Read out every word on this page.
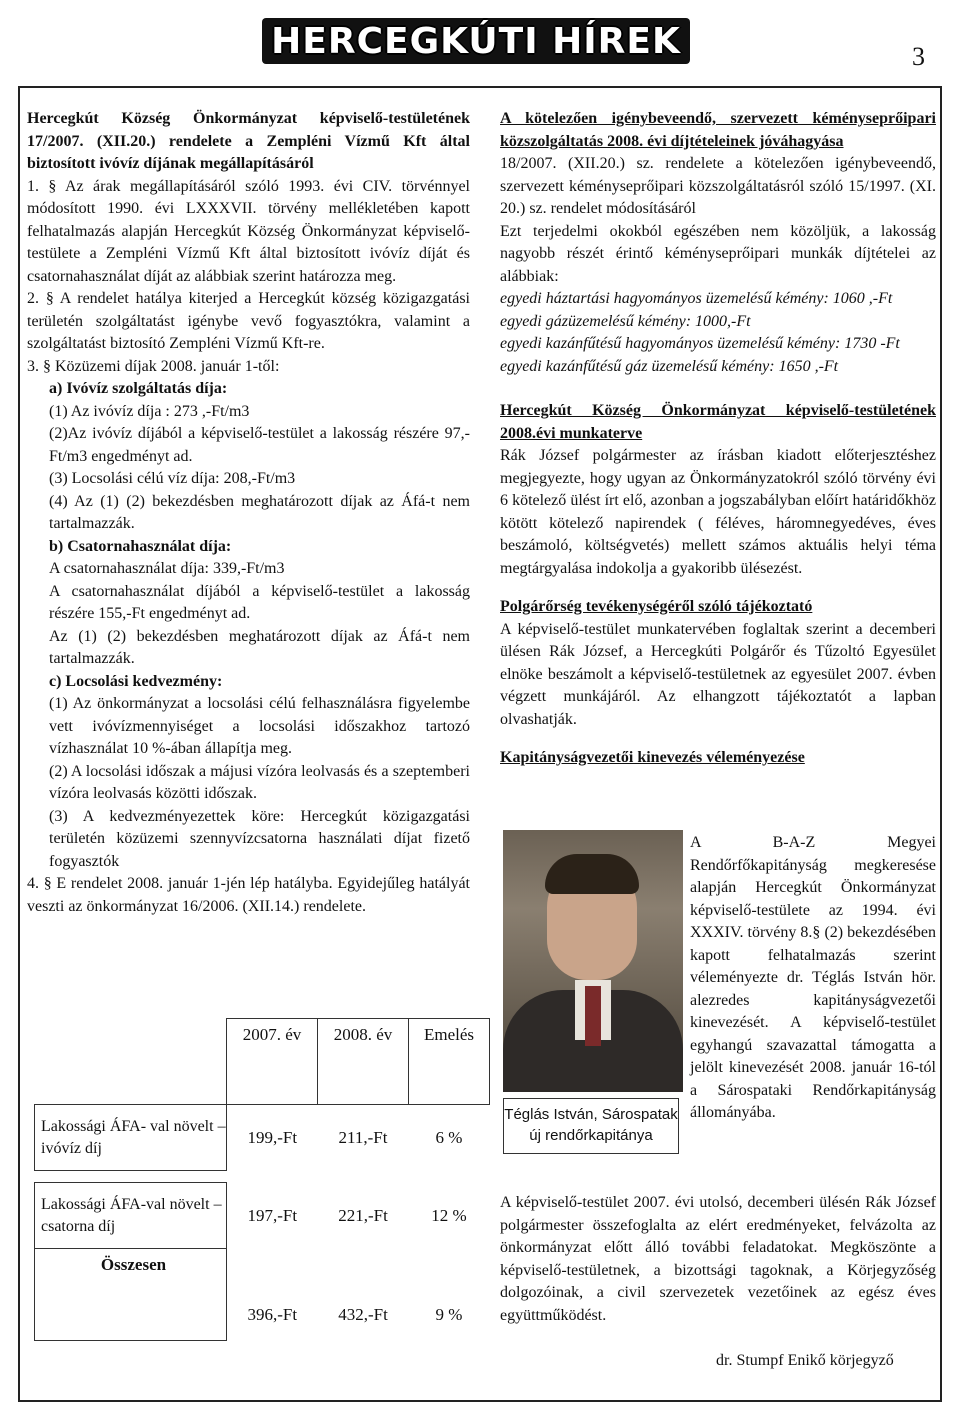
HERCEGKÚTI HÍREK	3

Hercegkút Község Önkormányzat képviselő-testületének 17/2007. (XII.20.) rendelete a Zempléni Vízmű Kft által biztosított ivóvíz díjának megállapításáról

1. § Az árak megállapításáról szóló 1993. évi CIV. törvénnyel módosított 1990. évi LXXXVII. törvény mellékletében kapott felhatalmazás alapján Hercegkút Község Önkormányzat képviselő-testülete a Zempléni Vízmű Kft által biztosított ivóvíz díját és csatornahasználat díját az alábbiak szerint határozza meg.

2. § A rendelet hatálya kiterjed a Hercegkút község közigazgatási területén szolgáltatást igénybe vevő fogyasztókra, valamint a szolgáltatást biztosító Zempléni Vízmű Kft-re.

3. § Közüzemi díjak 2008. január 1-től:

a) Ivóvíz szolgáltatás díja:

(1) Az ivóvíz díja : 273 ,-Ft/m3

(2)Az ivóvíz díjából a képviselő-testület a lakosság részére 97,-Ft/m3 engedményt ad.

(3) Locsolási célú víz díja: 208,-Ft/m3

(4) Az (1) (2) bekezdésben meghatározott díjak az Áfá-t nem tartalmazzák.

b) Csatornahasználat díja:

A csatornahasználat díja: 339,-Ft/m3

A csatornahasználat díjából a képviselő-testület a lakosság részére 155,-Ft engedményt ad.

Az (1) (2) bekezdésben meghatározott díjak az Áfá-t nem tartalmazzák.

c) Locsolási kedvezmény:

(1) Az önkormányzat a locsolási célú felhasználásra figyelembe vett ivóvízmennyiséget a locsolási időszakhoz tartozó vízhasználat 10 %-ában állapítja meg.

(2) A locsolási időszak a májusi vízóra leolvasás és a szeptemberi vízóra leolvasás közötti időszak.

(3) A kedvezményezettek köre: Hercegkút közigazgatási területén közüzemi szennyvízcsatorna használati díjat fizető fogyasztók

4. § E rendelet 2008. január 1-jén lép hatályba. Egyidejűleg hatályát veszti az önkormányzat 16/2006. (XII.14.) rendelete.

	2007. év	2008. év	Emelés
Lakossági ÁFA- val növelt – ivóvíz díj	199,-Ft	211,-Ft	6 %

Lakossági ÁFA-val növelt – csatorna díj	197,-Ft	221,-Ft	12 %
Összesen	396,-Ft	432,-Ft	9 %

A kötelezően igénybeveendő, szervezett kéményseprőipari közszolgáltatás 2008. évi díjtételeinek jóváhagyása

18/2007. (XII.20.) sz. rendelete a kötelezően igénybeveendő, szervezett kéményseprőipari közszolgáltatásról szóló 15/1997. (XI. 20.) sz. rendelet módosításáról

Ezt terjedelmi okokból egészében nem közöljük, a lakosság nagyobb részét érintő kéményseprőipari munkák díjtételei az alábbiak:

egyedi háztartási hagyományos üzemelésű kémény: 1060 ,-Ft

egyedi gázüzemelésű kémény: 1000,-Ft

egyedi kazánfűtésű hagyományos üzemelésű kémény: 1730 -Ft

egyedi kazánfűtésű gáz üzemelésű kémény: 1650 ,-Ft

Hercegkút Község Önkormányzat képviselő-testületének 2008.évi munkaterve

Rák József polgármester az írásban kiadott előterjesztéshez megjegyezte, hogy ugyan az Önkormányzatokról szóló törvény évi 6 kötelező ülést írt elő, azonban a jogszabályban előírt határidőkhöz kötött kötelező napirendek ( féléves, háromnegyedéves, éves beszámoló, költségvetés) mellett számos aktuális helyi téma megtárgyalása indokolja a gyakoribb ülésezést.

Polgárőrség tevékenységéről szóló tájékoztató

A képviselő-testület munkatervében foglaltak szerint a decemberi ülésen Rák József, a Hercegkúti Polgárőr és Tűzoltó Egyesület elnöke beszámolt a képviselő-testületnek az egyesület 2007. évben végzett munkájáról. Az elhangzott tájékoztatót a lapban olvashatják.

Kapitányságvezetői kinevezés véleményezése

Téglás István, Sárospatak új rendőrkapitánya
A B-A-Z Megyei Rendőrfőkapitányság megkeresése alapján Hercegkút Önkormányzat képviselő-testülete az 1994. évi XXXIV. törvény 8.§ (2) bekezdésében kapott felhatalmazás szerint véleményezte dr. Téglás István hör. alezredes kapitányságvezetői kinevezését. A képviselő-testület egyhangú szavazattal támogatta a jelölt kinevezését 2008. január 16-tól a Sárospataki Rendőrkapitányság állományába.

A képviselő-testület 2007. évi utolsó, decemberi ülésén Rák József polgármester összefoglalta az elért eredményeket, felvázolta az önkormányzat előtt álló további feladatokat. Megköszönte a képviselő-testületnek, a bizottsági tagoknak, a Körjegyzőség dolgozóinak, a civil szervezetek vezetőinek az egész éves együttműködést.

dr. Stumpf Enikő körjegyző
